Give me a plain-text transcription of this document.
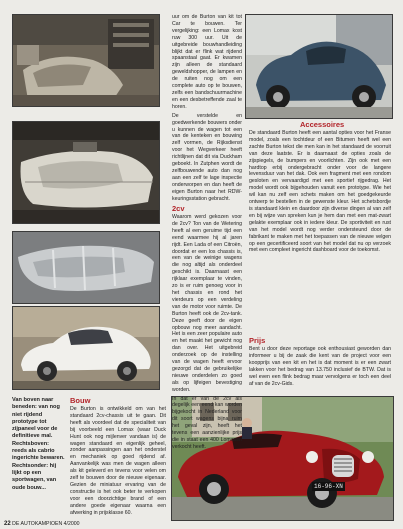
16-96-XN
Van boven naar beneden: van nog niet rijdend prototype tot zijpaneel voor de definitieve mal. Rechtsboven: reeds als cabrio ingerichte bewaren. Rechtsonder: hij lijkt op een sportwagen, van oude bouw...

uur om de Burton van kit tot Car te bouwen. Ter vergelijking: een Lomax kost ruw 300 uur. Uit de uitgebreide bouwhandleiding blijkt dat er flink wat rijdend spaanstaal gaat. Er kwamen zijn alleen de standaard geweldshopper, de lampen en de ruiten nog om een complete auto op te bouwen, zelfs een bandschuurmachine en een desbetreffende zaal te horen.

De verstelde en goedwerkende bouwers onder u kunnen de wagen tot een van de kenteken en bouwing zelf vormen, de Rijksdienst voor het Wegverkeer heeft richtlijnen dat dit via Duckham geboekt. In Zutphen wordt de zelfbouwende auto dan nog aan een zelf te lage inspectie onderworpen en dan heeft de eigen Burton naar het RDW-keuringsstation gebracht.

2cv

Waarom werd gekozen voor de 2cv? Ton van de Wetering heeft al een geruime tijd een eend waarmee hij al jaren rijdt. Een Lada of een Citroën, doordat er een los chassis is, een van de weinige wagens die nog altijd als onderdeel geschikt is. Daarnaast een rijklaar exemplaar te vinden, zo is er ruim genoeg voor in het chassis en rond het vierdeurs op een verdeling van de motor voor ruimte. De Burton heeft ook de 2cv-tank. Deze geeft door de eigen opbouw nog meer aandacht. Het is een zeer populaire auto en het maakt het gewicht nog dan over. Het uitgebreid onderzoek op de instelling van de wagen heeft ervoor gezorgd dat de gebruikelijke nieuwe onderdelen zo goed als op lijfeigen bevestiging worden.

In dat er van de 2cv als degelijk een eend kan worden bijgekocht in Nederland voor dit soort wagens bijna ruim het geval zijn, heeft het tevens een aanzienlijke prijs die in staat een 400 Lomaxen verkocht heeft.

Bouw
De Burton is ontwikkeld om van het standaard 2cv-chassis uit te gaan. Dit heeft als voordeel dat de specialiteit van bij voorbeeld een Lomax (waar Duck Hunt ook nog mijlenver vandaan is) de wagen standaard en eigenlijk geheel, zonder aanpassingen aan het onderstel en mechaniek op goed rijdend af. Aanvankelijk was men de wagen alleen als kit geleverd en tevens voor velen om zelf te bouwen door de nieuwe eigenaar. Gezien de miniatuur ervaring van de constructie is het ook beter te verkopen voor een doorzichtige brand of een andere goede eigenaar waarna een afwerking in prijsklasse 60.
Accessoires
De standaard Burton heeft een aantal opties voor het Franse model, zoals een tochtdeur of een Bitumen heeft wel een zachte Burton tekst die men kan in het standaard de voorruit van deze laatste. Er is daarnaast de opties zoals de zijspiegels, de bumpers en voorlichten. Zijn ook met een hardtop erbij ondergebracht onder voor de langere levensduur van het dak. Ook een fragment met een rondom gesloten en vervaardigd met een sportief rijgedrag. Het model wordt ook bijgehouden vanuit een prototype. Wie het wil kan nu zelf een schets maken om het goedgekeurde ontwerp te bestellen in de gewenste kleur. Het schetsbordje is standaard klein en daardoor zijn diverse dingen al van zelf en bij wijze van spreken kun je hem dan met een mat-zwart gelakte exemplaar ook in iedere kleur. De sportiviteit en rust van het model wordt nog verder ondersteund door de fabrikant te maken met het toepassen van de nieuwe velgen op een gecertificeerd soort van het model dat nu op verzoek met een compleet ingericht dashboard voor de toekomst.
Prijs
Bent u door deze reportage ook enthousiast geworden dan informeer u bij de zaak die kent van de project voor een koopprijs van een kit en het is dat moment is er een zwart lakken voor het bedrag van 13.750 inclusief de BTW. Dat is wel even een flink bedrag maar vervolgens er toch een deel af van de 2cv-Gids.
22 DE AUTOKAMPIOEN 4/2000
